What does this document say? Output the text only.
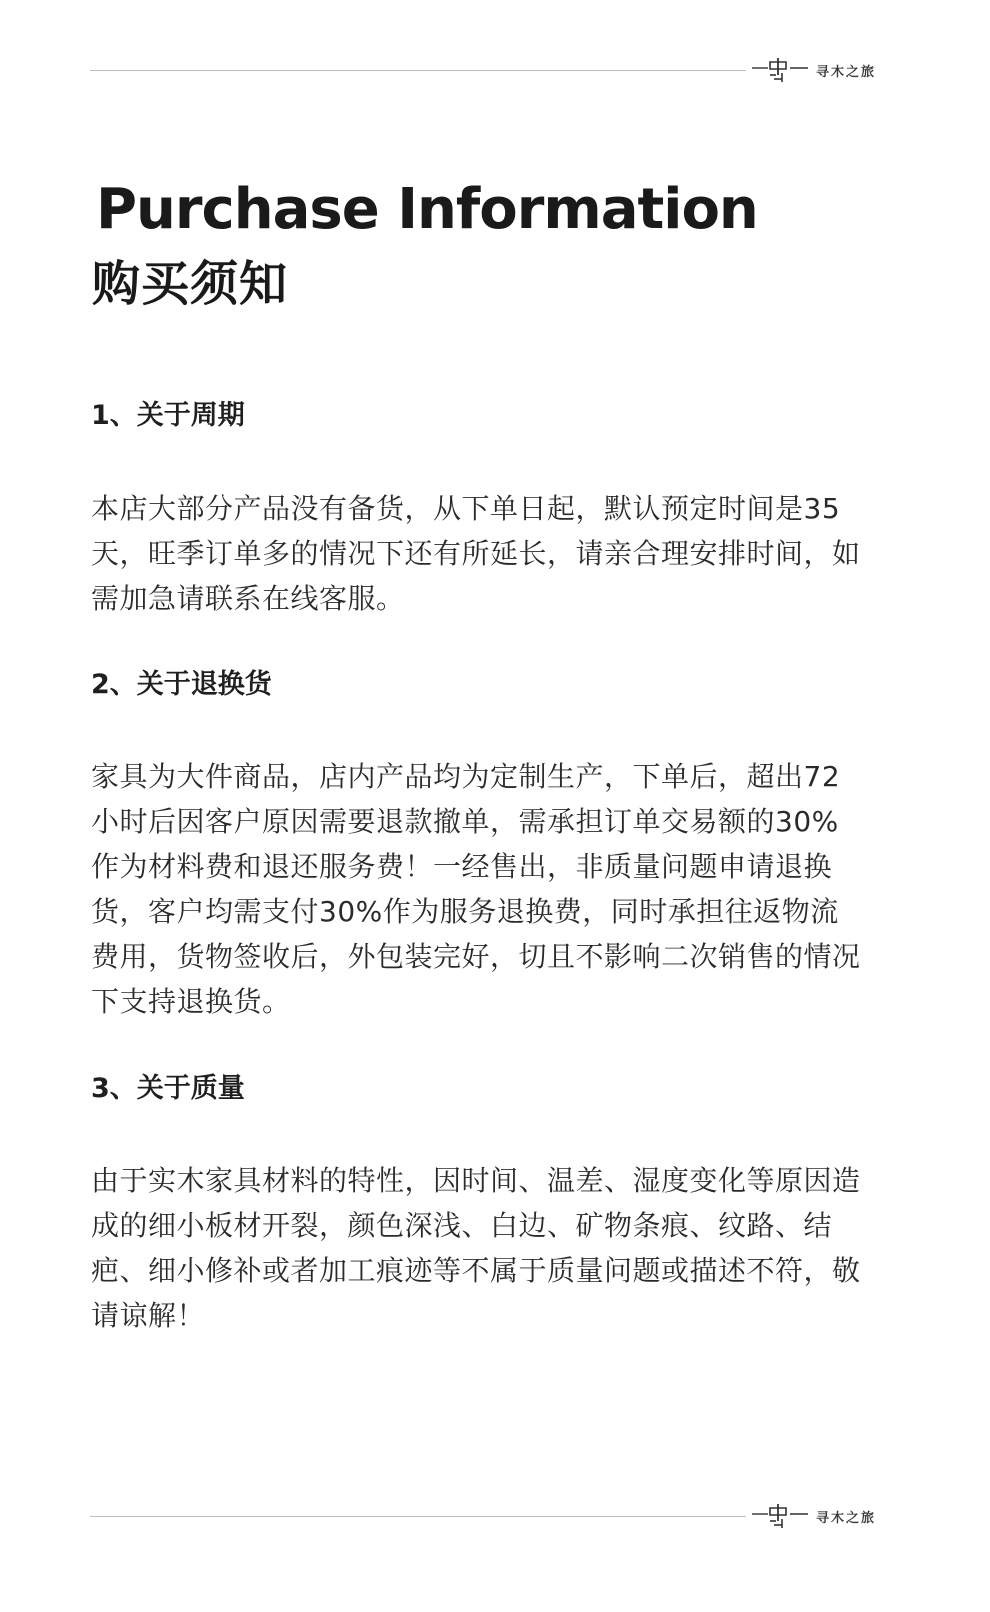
寻木之旅
Purchase Information
购买须知
1、关于周期

本店大部分产品没有备货，从下单日起，默认预定时间是35天，旺季订单多的情况下还有所延长，请亲合理安排时间，如需加急请联系在线客服。

2、关于退换货

家具为大件商品，店内产品均为定制生产，下单后，超出72小时后因客户原因需要退款撤单，需承担订单交易额的30%作为材料费和退还服务费！一经售出，非质量问题申请退换货，客户均需支付30%作为服务退换费，同时承担往返物流费用，货物签收后，外包装完好，切且不影响二次销售的情况下支持退换货。

3、关于质量

由于实木家具材料的特性，因时间、温差、湿度变化等原因造成的细小板材开裂，颜色深浅、白边、矿物条痕、纹路、结疤、细小修补或者加工痕迹等不属于质量问题或描述不符，敬请谅解！

寻木之旅
